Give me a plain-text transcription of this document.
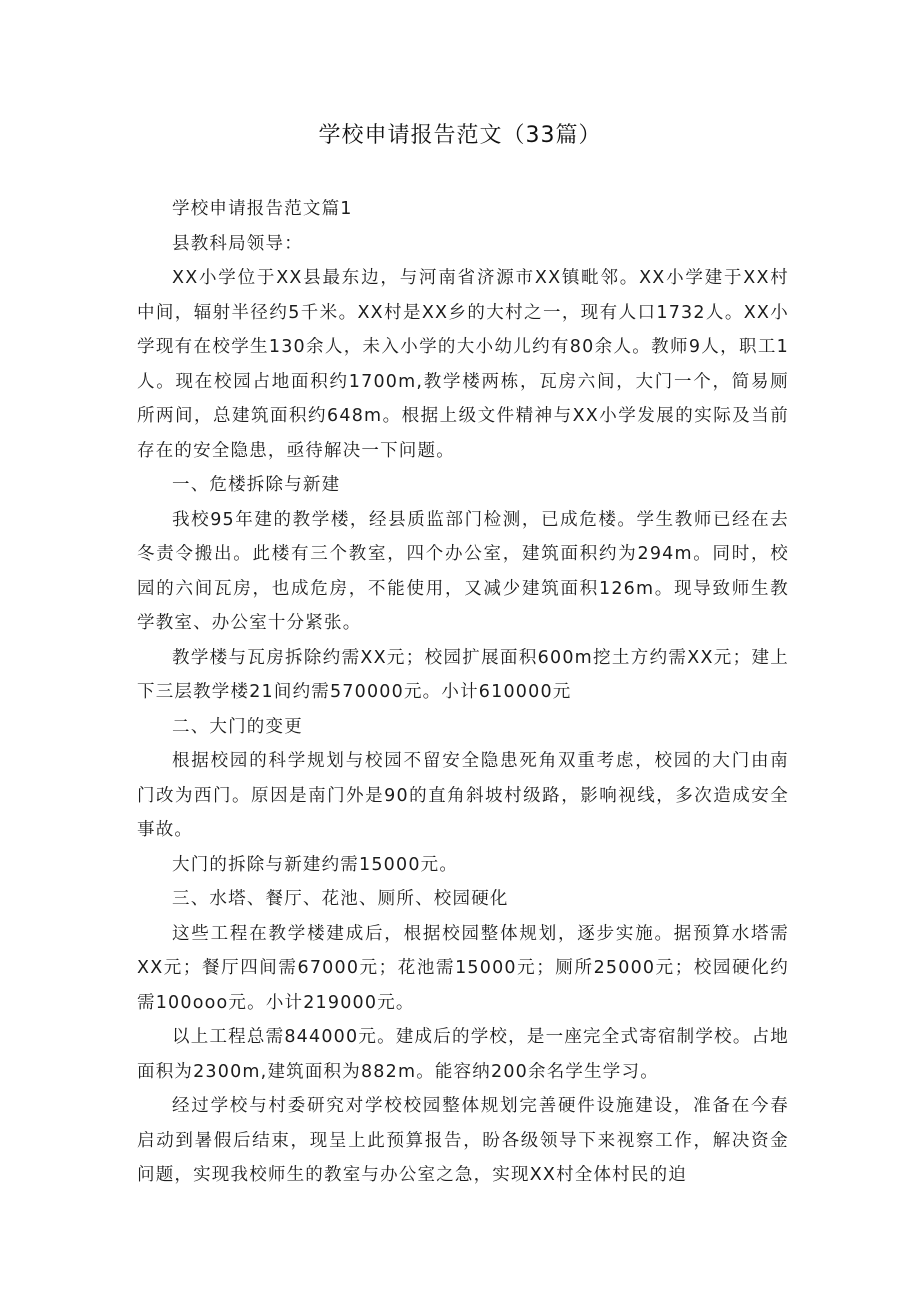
学校申请报告范文（33篇）

学校申请报告范文篇1

县教科局领导：

XX小学位于XX县最东边，与河南省济源市XX镇毗邻。XX小学建于XX村中间，辐射半径约5千米。XX村是XX乡的大村之一，现有人口1732人。XX小学现有在校学生130余人，未入小学的大小幼儿约有80余人。教师9人，职工1人。现在校园占地面积约1700m,教学楼两栋，瓦房六间，大门一个，简易厕所两间，总建筑面积约648m。根据上级文件精神与XX小学发展的实际及当前存在的安全隐患，亟待解决一下问题。

一、危楼拆除与新建

我校95年建的教学楼，经县质监部门检测，已成危楼。学生教师已经在去冬责令搬出。此楼有三个教室，四个办公室，建筑面积约为294m。同时，校园的六间瓦房，也成危房，不能使用，又减少建筑面积126m。现导致师生教学教室、办公室十分紧张。

教学楼与瓦房拆除约需XX元；校园扩展面积600m挖土方约需XX元；建上下三层教学楼21间约需570000元。小计610000元

二、大门的变更

根据校园的科学规划与校园不留安全隐患死角双重考虑，校园的大门由南门改为西门。原因是南门外是90的直角斜坡村级路，影响视线，多次造成安全事故。

大门的拆除与新建约需15000元。

三、水塔、餐厅、花池、厕所、校园硬化

这些工程在教学楼建成后，根据校园整体规划，逐步实施。据预算水塔需XX元；餐厅四间需67000元；花池需15000元；厕所25000元；校园硬化约需100ooo元。小计219000元。

以上工程总需844000元。建成后的学校，是一座完全式寄宿制学校。占地面积为2300m,建筑面积为882m。能容纳200余名学生学习。

经过学校与村委研究对学校校园整体规划完善硬件设施建设，准备在今春启动到暑假后结束，现呈上此预算报告，盼各级领导下来视察工作，解决资金问题，实现我校师生的教室与办公室之急，实现XX村全体村民的迫
